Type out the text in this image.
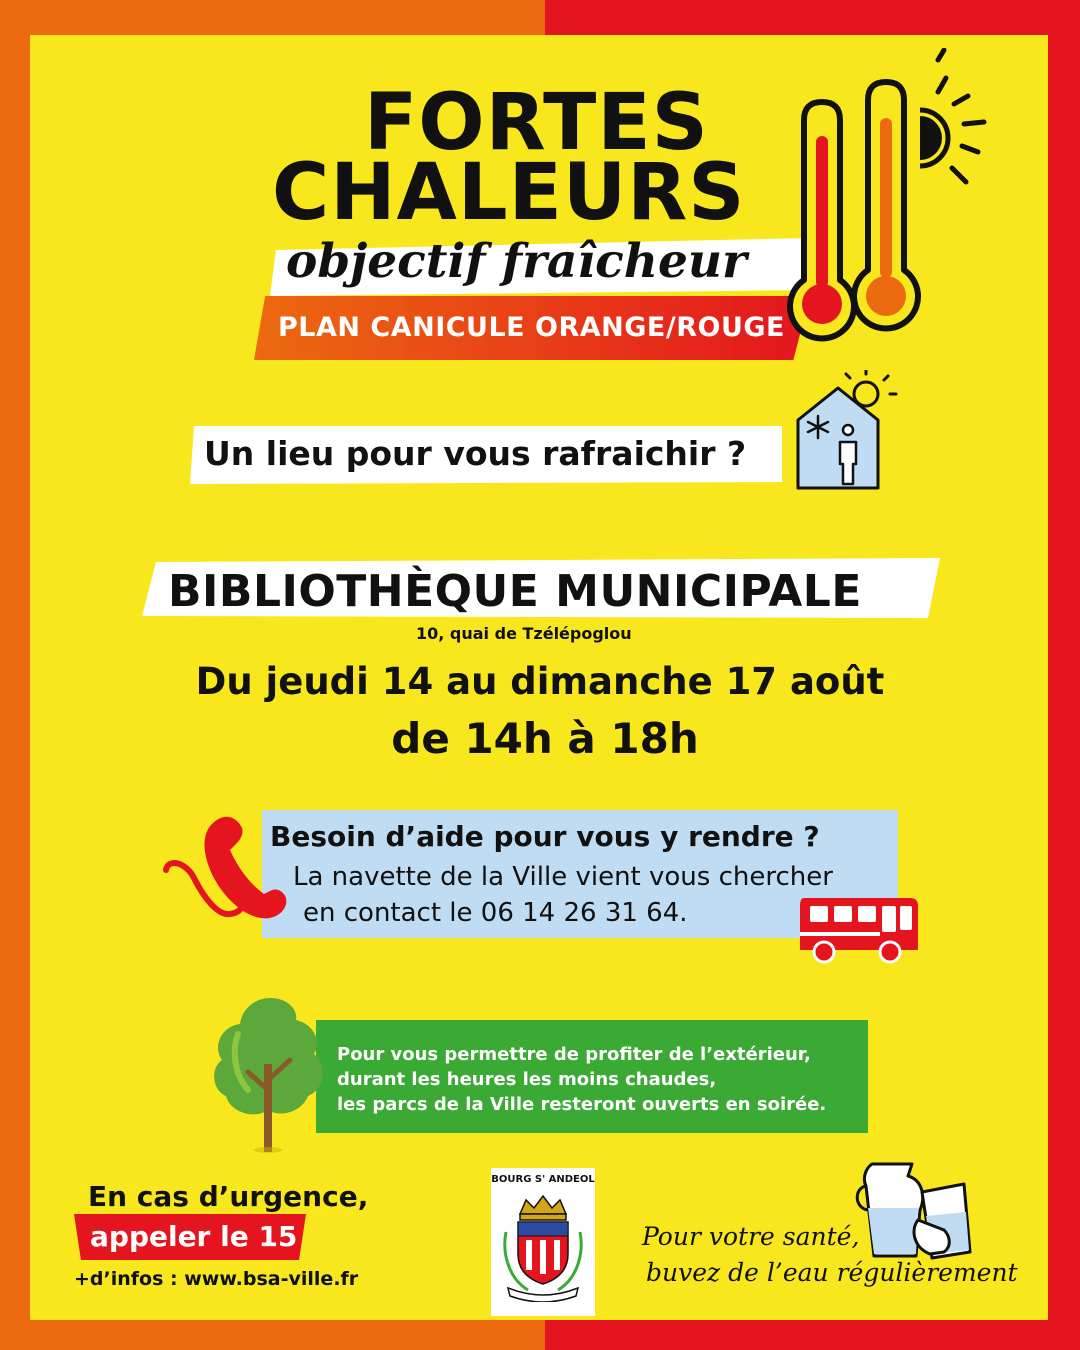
FORTES
CHALEURS
objectif fraîcheur
PLAN CANICULE ORANGE/ROUGE
Un lieu pour vous rafraichir ?
BIBLIOTHÈQUE MUNICIPALE
10, quai de Tzélépoglou
Du jeudi 14 au dimanche 17 août
de 14h à 18h
Besoin d’aide pour vous y rendre ?
La navette de la Ville vient vous chercher
en contact le 06 14 26 31 64.
Pour vous permettre de profiter de l’extérieur,
durant les heures les moins chaudes,
les parcs de la Ville resteront ouverts en soirée.
En cas d’urgence,
appeler le 15
+d’infos : www.bsa-ville.fr
BOURG S' ANDEOL
Pour votre santé,
buvez de l’eau régulièrement
